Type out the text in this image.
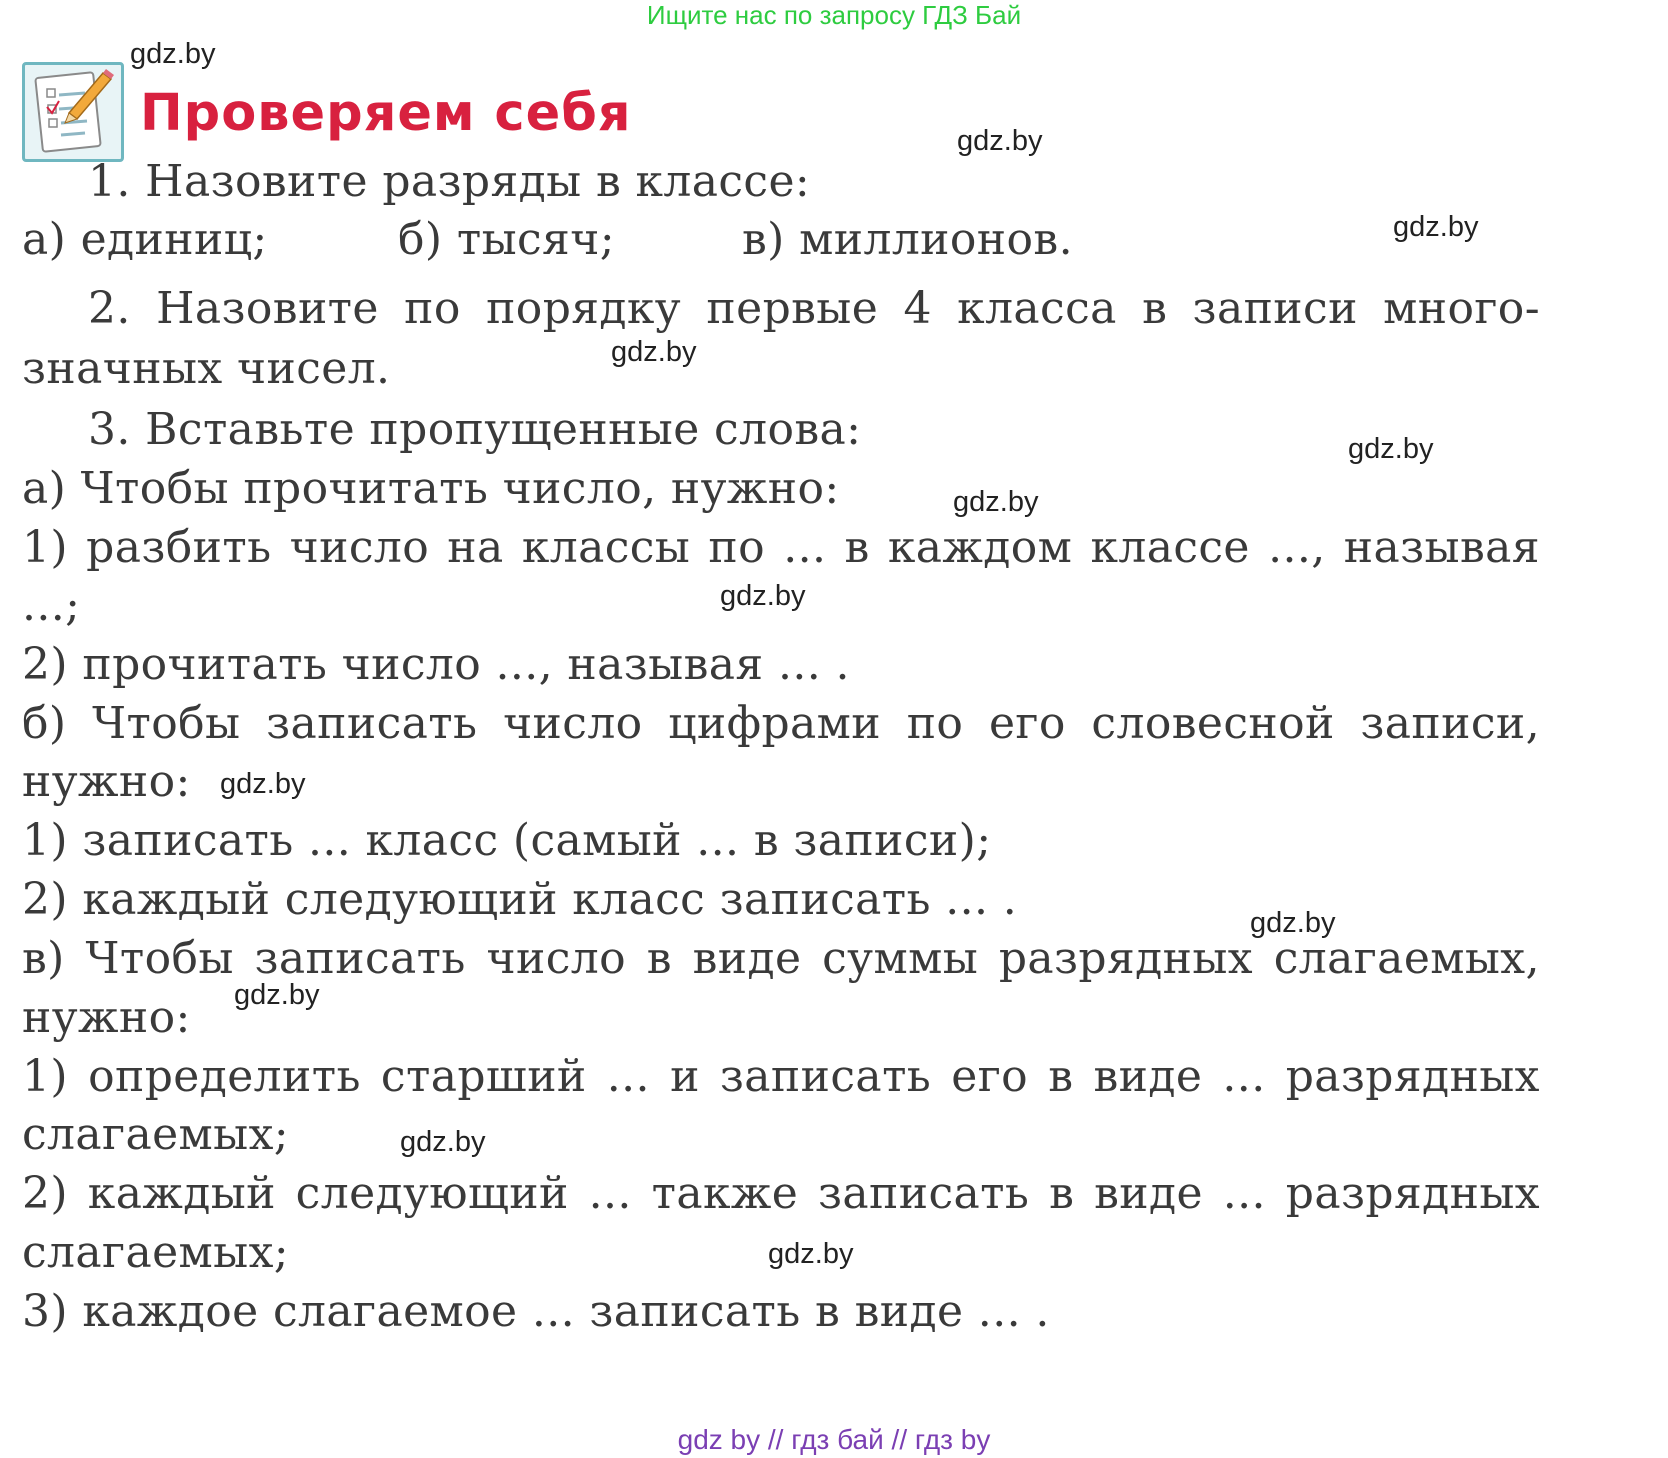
Ищите нас по запросу ГДЗ Бай
Проверяем себя
gdz.by
gdz.by
gdz.by
gdz.by
gdz.by
gdz.by
gdz.by
gdz.by
gdz.by
gdz.by
gdz.by
gdz.by
1. Назовите разряды в классе:
а) единиц;	б) тысяч;	в) миллионов.
2. Назовите по порядку первые 4 класса в записи много-
значных чисел.
3. Вставьте пропущенные слова:
а) Чтобы прочитать число, нужно:
1) разбить число на классы по ... в каждом классе ..., называя
...;
2) прочитать число ..., называя ... .
б) Чтобы записать число цифрами по его словесной записи,
нужно:
1) записать ... класс (самый ... в записи);
2) каждый следующий класс записать ... .
в) Чтобы записать число в виде суммы разрядных слагаемых,
нужно:
1) определить старший ... и записать его в виде ... разрядных
слагаемых;
2) каждый следующий ... также записать в виде ... разрядных
слагаемых;
3) каждое слагаемое ... записать в виде ... .
gdz by // гдз бай // гдз by
